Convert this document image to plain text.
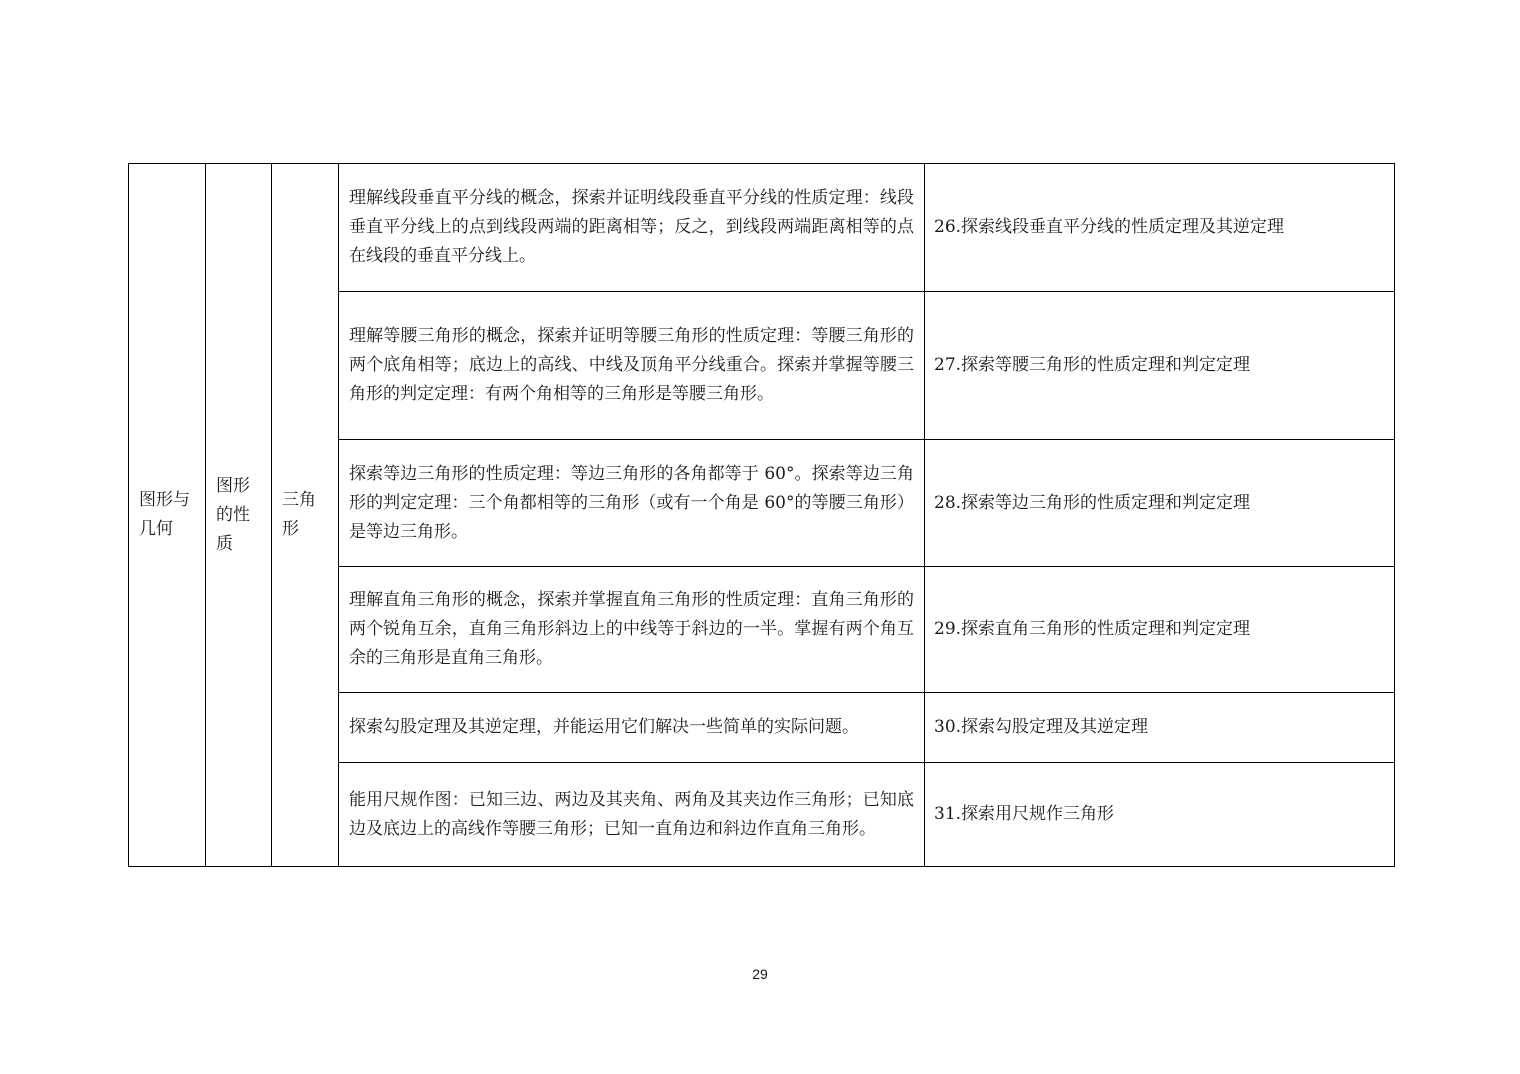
图形与几何	图形的性质	三角形	理解线段垂直平分线的概念，探索并证明线段垂直平分线的性质定理：线段垂直平分线上的点到线段两端的距离相等；反之，到线段两端距离相等的点在线段的垂直平分线上。	26.探索线段垂直平分线的性质定理及其逆定理
			理解等腰三角形的概念，探索并证明等腰三角形的性质定理：等腰三角形的两个底角相等；底边上的高线、中线及顶角平分线重合。探索并掌握等腰三角形的判定定理：有两个角相等的三角形是等腰三角形。	27.探索等腰三角形的性质定理和判定定理
			探索等边三角形的性质定理：等边三角形的各角都等于 60°。探索等边三角形的判定定理：三个角都相等的三角形（或有一个角是 60°的等腰三角形）是等边三角形。	28.探索等边三角形的性质定理和判定定理
			理解直角三角形的概念，探索并掌握直角三角形的性质定理：直角三角形的两个锐角互余，直角三角形斜边上的中线等于斜边的一半。掌握有两个角互余的三角形是直角三角形。	29.探索直角三角形的性质定理和判定定理
			探索勾股定理及其逆定理，并能运用它们解决一些简单的实际问题。	30.探索勾股定理及其逆定理
			能用尺规作图：已知三边、两边及其夹角、两角及其夹边作三角形；已知底边及底边上的高线作等腰三角形；已知一直角边和斜边作直角三角形。	31.探索用尺规作三角形
29
